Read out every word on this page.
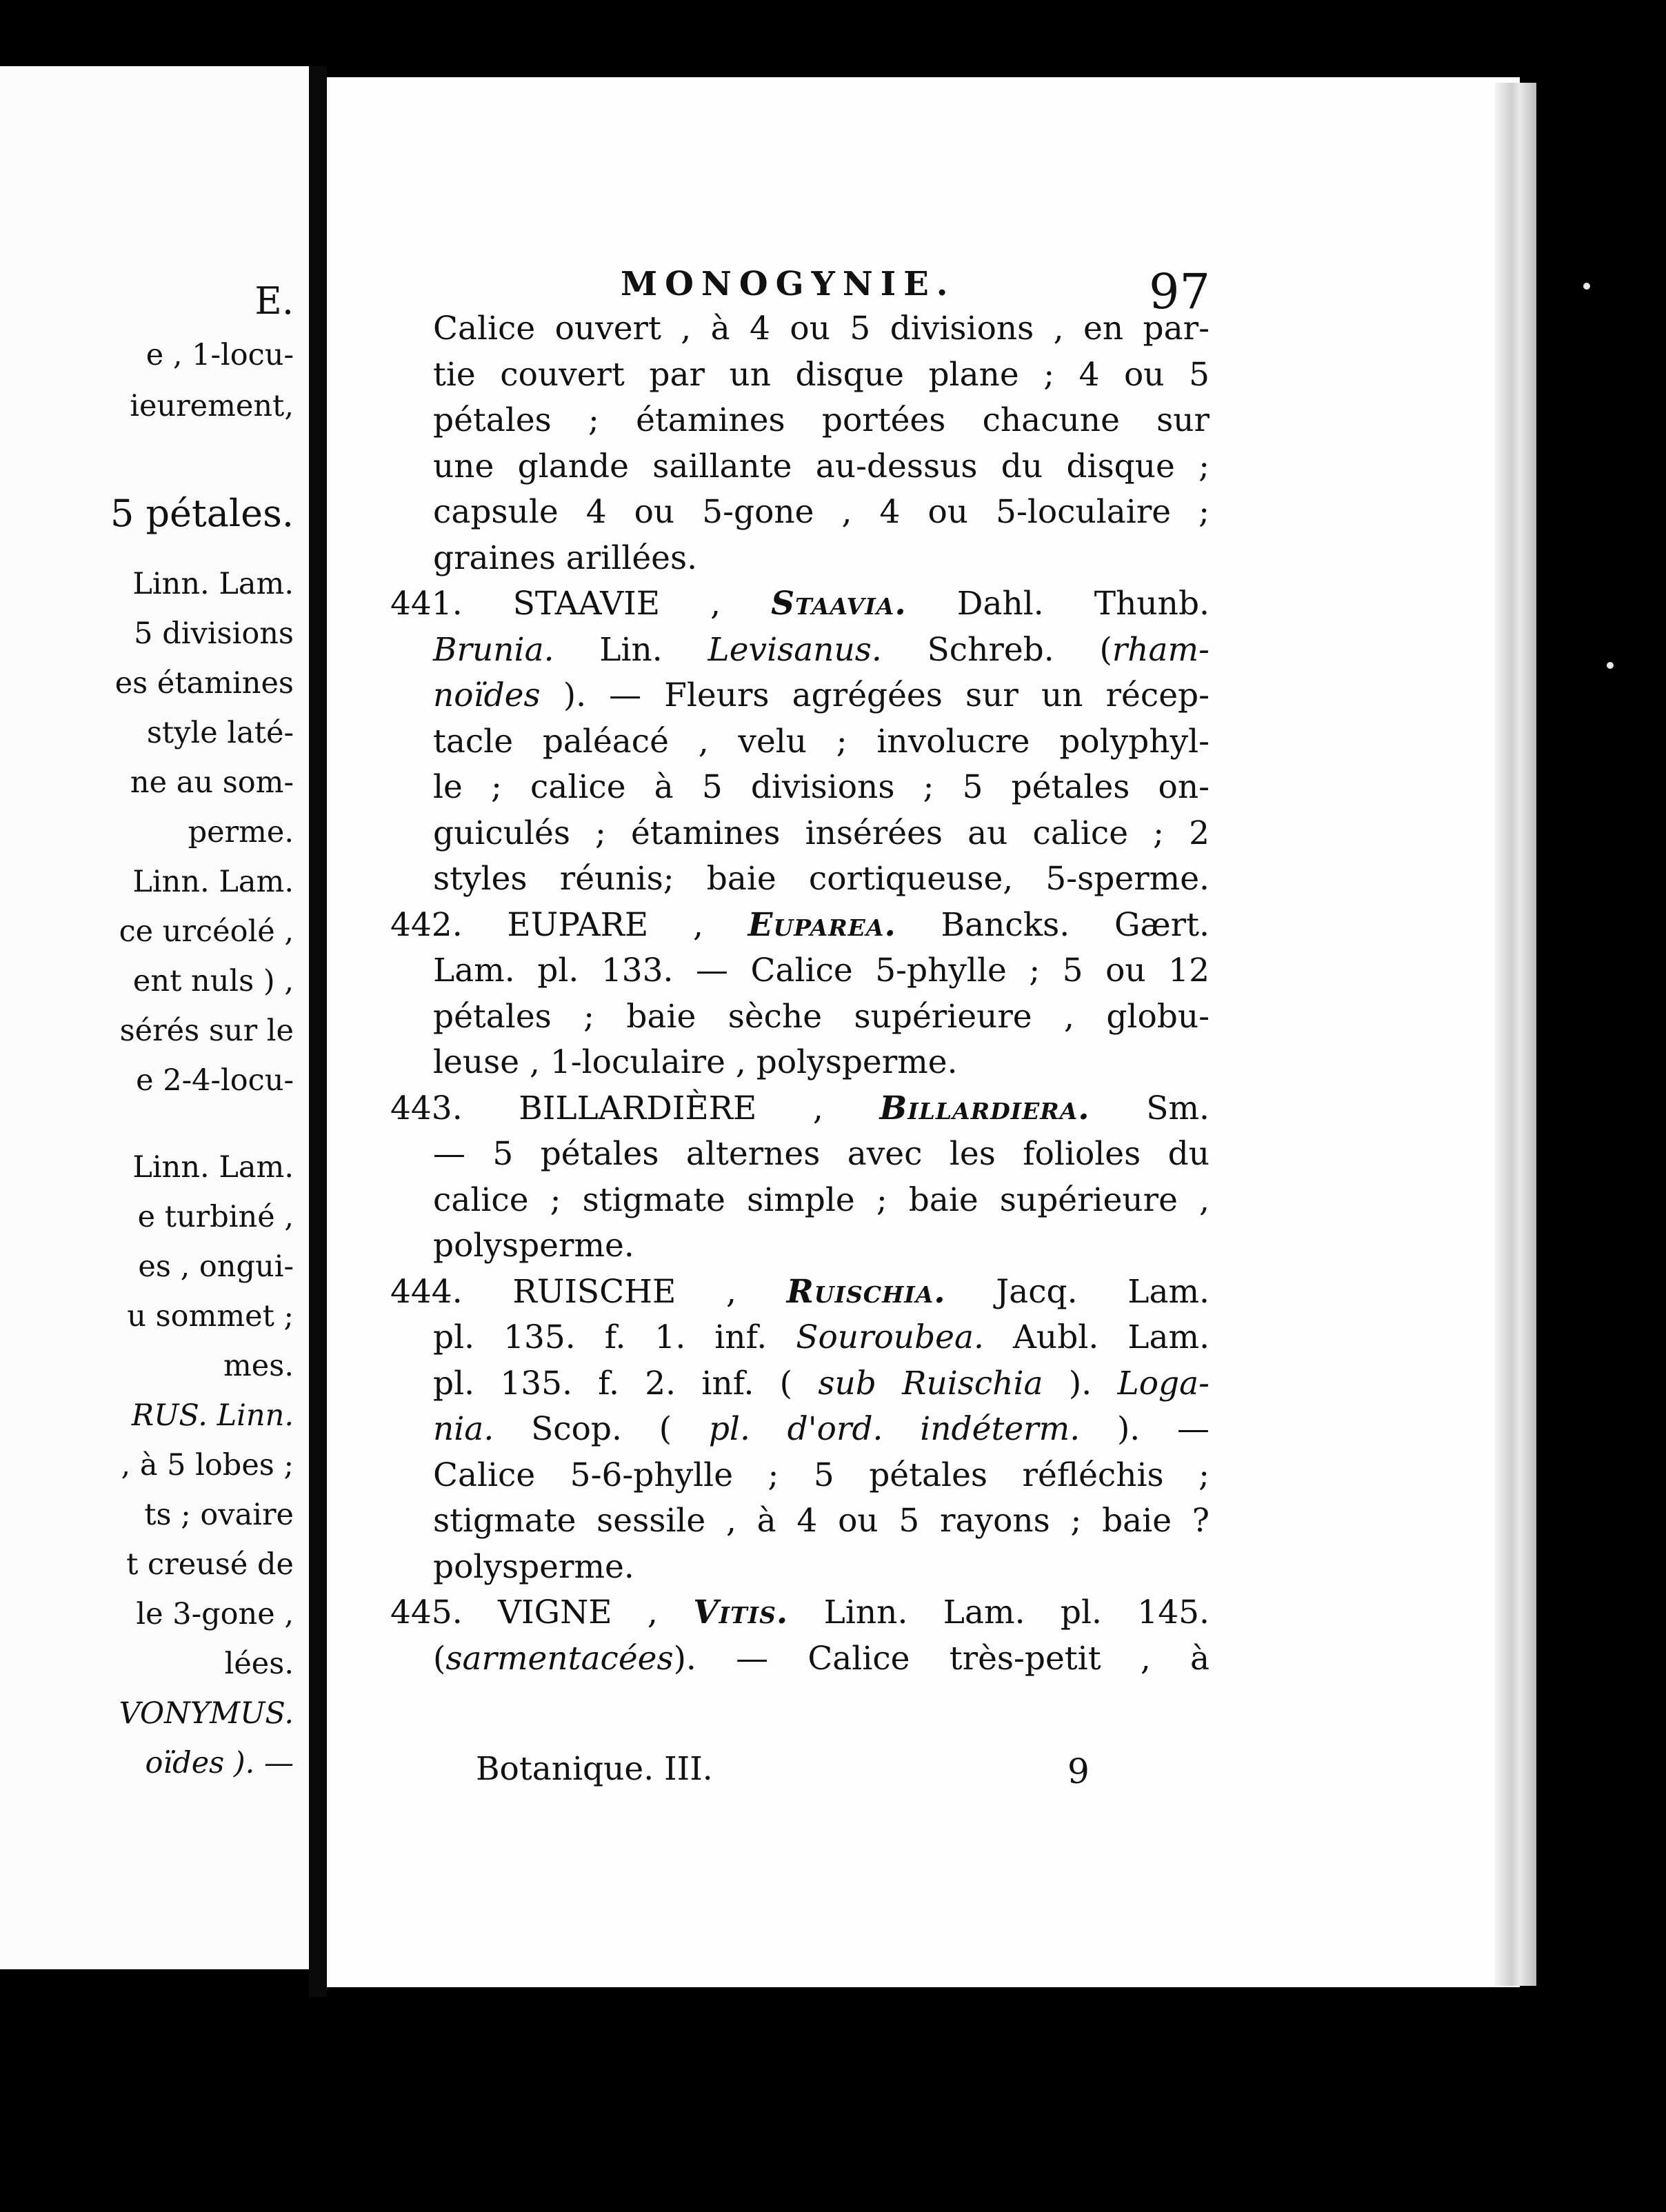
E.
e , 1-locu-
ieurement,
5 pétales.
Linn. Lam.
5 divisions
es étamines
style laté-
ne au som-
perme.
Linn. Lam.
ce urcéolé ,
ent nuls ) ,
sérés sur le
e 2-4-locu-
Linn. Lam.
e turbiné ,
es , ongui-
u sommet ;
mes.
RUS. Linn.
, à 5 lobes ;
ts ; ovaire
t creusé de
le 3-gone ,
lées.
VONYMUS.
oïdes ). —
MONOGYNIE.	97
Calice ouvert , à 4 ou 5 divisions , en par-
tie couvert par un disque plane ; 4 ou 5
pétales ; étamines portées chacune sur
une glande saillante au-dessus du disque ;
capsule 4 ou 5-gone , 4 ou 5-loculaire ;
graines arillées.
441. STAAVIE , Staavia. Dahl. Thunb.
Brunia. Lin. Levisanus. Schreb. (rham-
noïdes ). — Fleurs agrégées sur un récep-
tacle paléacé , velu ; involucre polyphyl-
le ; calice à 5 divisions ; 5 pétales on-
guiculés ; étamines insérées au calice ; 2
styles réunis; baie cortiqueuse, 5-sperme.
442. EUPARE , Euparea. Bancks. Gært.
Lam. pl. 133. — Calice 5-phylle ; 5 ou 12
pétales ; baie sèche supérieure , globu-
leuse , 1-loculaire , polysperme.
443. BILLARDIÈRE , Billardiera. Sm.
— 5 pétales alternes avec les folioles du
calice ; stigmate simple ; baie supérieure ,
polysperme.
444. RUISCHE , Ruischia. Jacq. Lam.
pl. 135. f. 1. inf. Souroubea. Aubl. Lam.
pl. 135. f. 2. inf. ( sub Ruischia ). Loga-
nia. Scop. ( pl. d'ord. indéterm. ). —
Calice 5-6-phylle ; 5 pétales réfléchis ;
stigmate sessile , à 4 ou 5 rayons ; baie ?
polysperme.
445. VIGNE , Vitis. Linn. Lam. pl. 145.
(sarmentacées). — Calice très-petit , à
Botanique. III.	9
